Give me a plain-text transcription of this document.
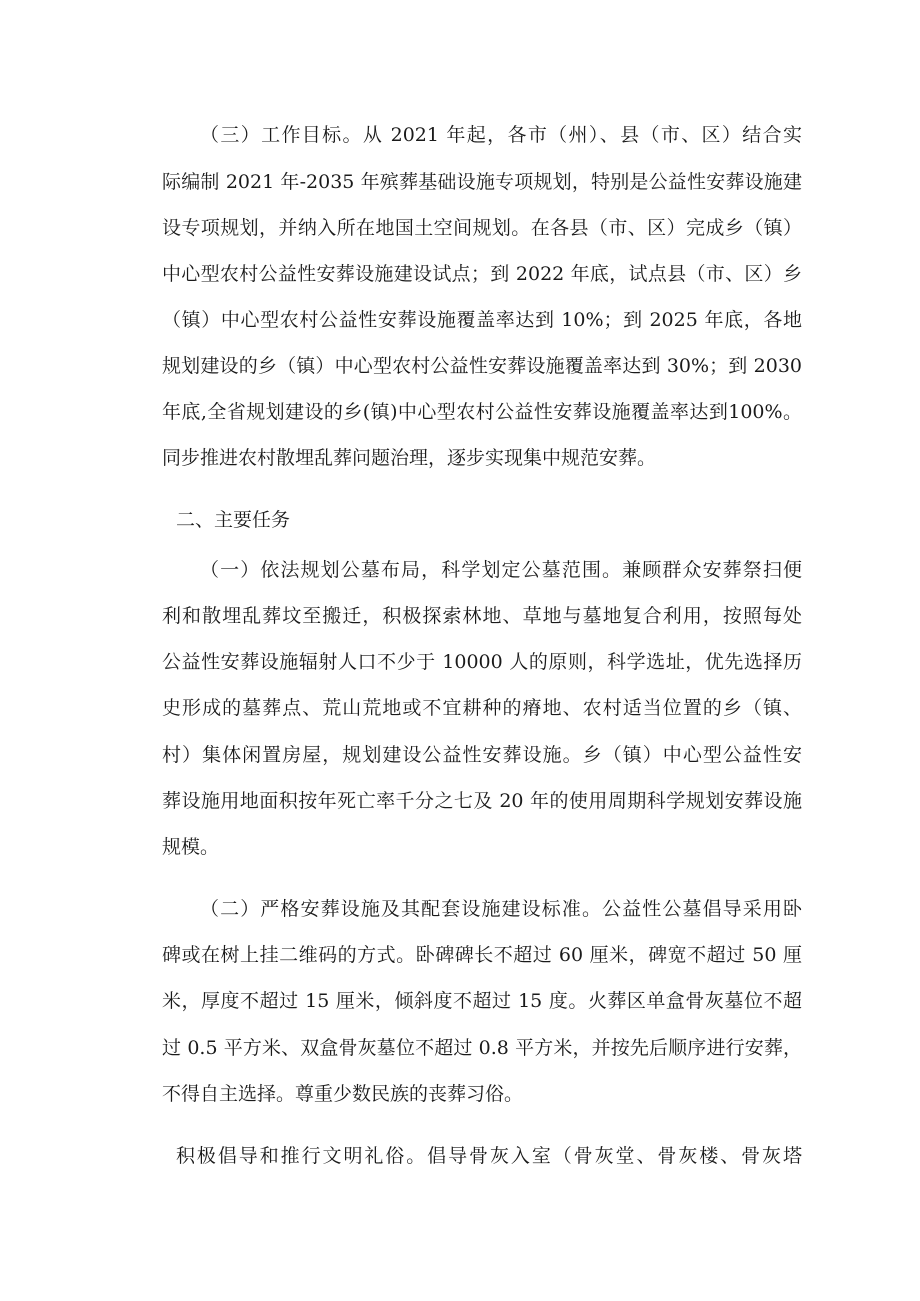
（三）工作目标。从 2021 年起，各市（州）、县（市、区）结合实
际编制 2021 年-2035 年殡葬基础设施专项规划，特别是公益性安葬设施建
设专项规划，并纳入所在地国土空间规划。在各县（市、区）完成乡（镇）
中心型农村公益性安葬设施建设试点；到 2022 年底，试点县（市、区）乡
（镇）中心型农村公益性安葬设施覆盖率达到 10%；到 2025 年底，各地
规划建设的乡（镇）中心型农村公益性安葬设施覆盖率达到 30%；到 2030
年底,全省规划建设的乡(镇)中心型农村公益性安葬设施覆盖率达到100%。
同步推进农村散埋乱葬问题治理，逐步实现集中规范安葬。
二、主要任务
（一）依法规划公墓布局，科学划定公墓范围。兼顾群众安葬祭扫便
利和散埋乱葬坟至搬迁，积极探索林地、草地与墓地复合利用，按照每处
公益性安葬设施辐射人口不少于 10000 人的原则，科学选址，优先选择历
史形成的墓葬点、荒山荒地或不宜耕种的瘠地、农村适当位置的乡（镇、
村）集体闲置房屋，规划建设公益性安葬设施。乡（镇）中心型公益性安
葬设施用地面积按年死亡率千分之七及 20 年的使用周期科学规划安葬设施
规模。
（二）严格安葬设施及其配套设施建设标准。公益性公墓倡导采用卧
碑或在树上挂二维码的方式。卧碑碑长不超过 60 厘米，碑宽不超过 50 厘
米，厚度不超过 15 厘米，倾斜度不超过 15 度。火葬区单盒骨灰墓位不超
过 0.5 平方米、双盒骨灰墓位不超过 0.8 平方米，并按先后顺序进行安葬，
不得自主选择。尊重少数民族的丧葬习俗。
积极倡导和推行文明礼俗。倡导骨灰入室（骨灰堂、骨灰楼、骨灰塔
